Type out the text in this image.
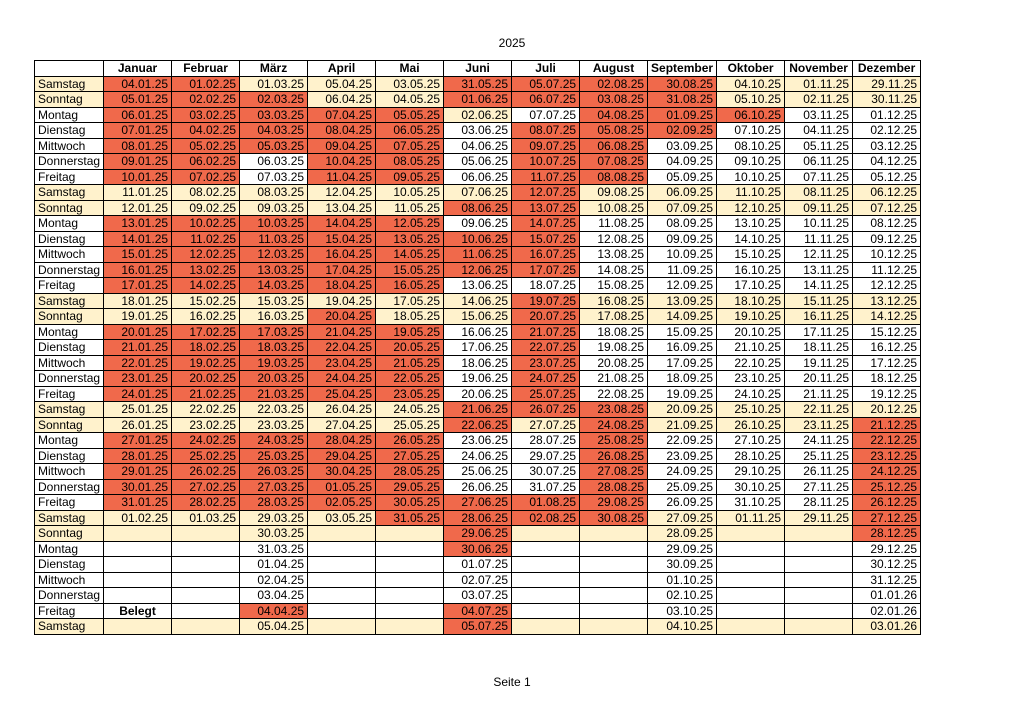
2025
	Januar	Februar	März	April	Mai	Juni	Juli	August	September	Oktober	November	Dezember
Samstag	04.01.25	01.02.25	01.03.25	05.04.25	03.05.25	31.05.25	05.07.25	02.08.25	30.08.25	04.10.25	01.11.25	29.11.25
Sonntag	05.01.25	02.02.25	02.03.25	06.04.25	04.05.25	01.06.25	06.07.25	03.08.25	31.08.25	05.10.25	02.11.25	30.11.25
Montag	06.01.25	03.02.25	03.03.25	07.04.25	05.05.25	02.06.25	07.07.25	04.08.25	01.09.25	06.10.25	03.11.25	01.12.25
Dienstag	07.01.25	04.02.25	04.03.25	08.04.25	06.05.25	03.06.25	08.07.25	05.08.25	02.09.25	07.10.25	04.11.25	02.12.25
Mittwoch	08.01.25	05.02.25	05.03.25	09.04.25	07.05.25	04.06.25	09.07.25	06.08.25	03.09.25	08.10.25	05.11.25	03.12.25
Donnerstag	09.01.25	06.02.25	06.03.25	10.04.25	08.05.25	05.06.25	10.07.25	07.08.25	04.09.25	09.10.25	06.11.25	04.12.25
Freitag	10.01.25	07.02.25	07.03.25	11.04.25	09.05.25	06.06.25	11.07.25	08.08.25	05.09.25	10.10.25	07.11.25	05.12.25
Samstag	11.01.25	08.02.25	08.03.25	12.04.25	10.05.25	07.06.25	12.07.25	09.08.25	06.09.25	11.10.25	08.11.25	06.12.25
Sonntag	12.01.25	09.02.25	09.03.25	13.04.25	11.05.25	08.06.25	13.07.25	10.08.25	07.09.25	12.10.25	09.11.25	07.12.25
Montag	13.01.25	10.02.25	10.03.25	14.04.25	12.05.25	09.06.25	14.07.25	11.08.25	08.09.25	13.10.25	10.11.25	08.12.25
Dienstag	14.01.25	11.02.25	11.03.25	15.04.25	13.05.25	10.06.25	15.07.25	12.08.25	09.09.25	14.10.25	11.11.25	09.12.25
Mittwoch	15.01.25	12.02.25	12.03.25	16.04.25	14.05.25	11.06.25	16.07.25	13.08.25	10.09.25	15.10.25	12.11.25	10.12.25
Donnerstag	16.01.25	13.02.25	13.03.25	17.04.25	15.05.25	12.06.25	17.07.25	14.08.25	11.09.25	16.10.25	13.11.25	11.12.25
Freitag	17.01.25	14.02.25	14.03.25	18.04.25	16.05.25	13.06.25	18.07.25	15.08.25	12.09.25	17.10.25	14.11.25	12.12.25
Samstag	18.01.25	15.02.25	15.03.25	19.04.25	17.05.25	14.06.25	19.07.25	16.08.25	13.09.25	18.10.25	15.11.25	13.12.25
Sonntag	19.01.25	16.02.25	16.03.25	20.04.25	18.05.25	15.06.25	20.07.25	17.08.25	14.09.25	19.10.25	16.11.25	14.12.25
Montag	20.01.25	17.02.25	17.03.25	21.04.25	19.05.25	16.06.25	21.07.25	18.08.25	15.09.25	20.10.25	17.11.25	15.12.25
Dienstag	21.01.25	18.02.25	18.03.25	22.04.25	20.05.25	17.06.25	22.07.25	19.08.25	16.09.25	21.10.25	18.11.25	16.12.25
Mittwoch	22.01.25	19.02.25	19.03.25	23.04.25	21.05.25	18.06.25	23.07.25	20.08.25	17.09.25	22.10.25	19.11.25	17.12.25
Donnerstag	23.01.25	20.02.25	20.03.25	24.04.25	22.05.25	19.06.25	24.07.25	21.08.25	18.09.25	23.10.25	20.11.25	18.12.25
Freitag	24.01.25	21.02.25	21.03.25	25.04.25	23.05.25	20.06.25	25.07.25	22.08.25	19.09.25	24.10.25	21.11.25	19.12.25
Samstag	25.01.25	22.02.25	22.03.25	26.04.25	24.05.25	21.06.25	26.07.25	23.08.25	20.09.25	25.10.25	22.11.25	20.12.25
Sonntag	26.01.25	23.02.25	23.03.25	27.04.25	25.05.25	22.06.25	27.07.25	24.08.25	21.09.25	26.10.25	23.11.25	21.12.25
Montag	27.01.25	24.02.25	24.03.25	28.04.25	26.05.25	23.06.25	28.07.25	25.08.25	22.09.25	27.10.25	24.11.25	22.12.25
Dienstag	28.01.25	25.02.25	25.03.25	29.04.25	27.05.25	24.06.25	29.07.25	26.08.25	23.09.25	28.10.25	25.11.25	23.12.25
Mittwoch	29.01.25	26.02.25	26.03.25	30.04.25	28.05.25	25.06.25	30.07.25	27.08.25	24.09.25	29.10.25	26.11.25	24.12.25
Donnerstag	30.01.25	27.02.25	27.03.25	01.05.25	29.05.25	26.06.25	31.07.25	28.08.25	25.09.25	30.10.25	27.11.25	25.12.25
Freitag	31.01.25	28.02.25	28.03.25	02.05.25	30.05.25	27.06.25	01.08.25	29.08.25	26.09.25	31.10.25	28.11.25	26.12.25
Samstag	01.02.25	01.03.25	29.03.25	03.05.25	31.05.25	28.06.25	02.08.25	30.08.25	27.09.25	01.11.25	29.11.25	27.12.25
Sonntag			30.03.25			29.06.25			28.09.25			28.12.25
Montag			31.03.25			30.06.25			29.09.25			29.12.25
Dienstag			01.04.25			01.07.25			30.09.25			30.12.25
Mittwoch			02.04.25			02.07.25			01.10.25			31.12.25
Donnerstag			03.04.25			03.07.25			02.10.25			01.01.26
Freitag	Belegt		04.04.25			04.07.25			03.10.25			02.01.26
Samstag			05.04.25			05.07.25			04.10.25			03.01.26
Seite 1
